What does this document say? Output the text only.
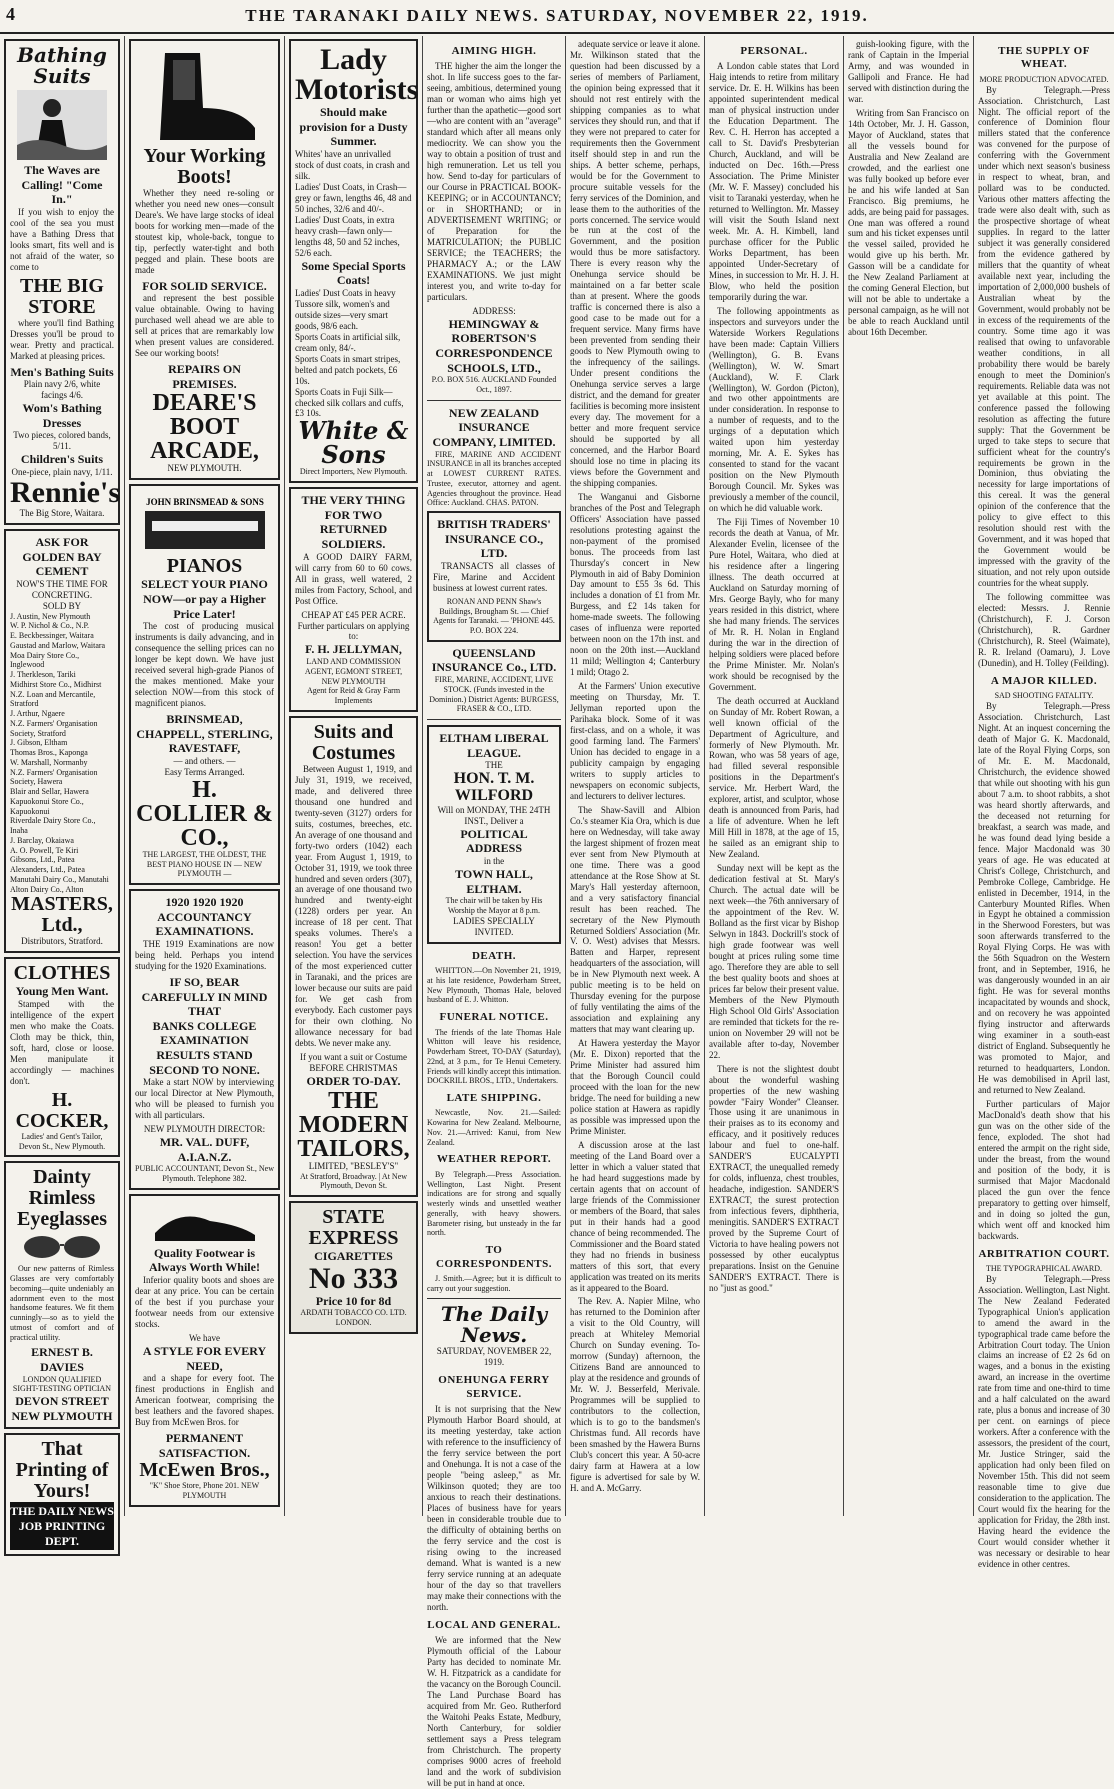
4	THE TARANAKI DAILY NEWS. SATURDAY, NOVEMBER 22, 1919.
Bathing Suits
The Waves are Calling! "Come In."

If you wish to enjoy the cool of the sea you must have a Bathing Dress that looks smart, fits well and is not afraid of the water, so come to

THE BIG STORE

where you'll find Bathing Dresses you'll be proud to wear. Pretty and practical. Marked at pleasing prices.

Men's Bathing Suits
Plain navy 2/6, white facings 4/6.
Wom's Bathing Dresses
Two pieces, colored bands, 5/11.
Children's Suits
One-piece, plain navy, 1/11.
Rennie's
The Big Store, Waitara.
ASK FOR
GOLDEN BAY CEMENT
NOW'S THE TIME FOR CONCRETING.
SOLD BY
J. Austin, New Plymouth
W. P. Nichol & Co., N.P.
E. Beckbessinger, Waitara
Gaustad and Marlow, Waitara
Moa Dairy Store Co., Inglewood
J. Therkleson, Tariki
Midhirst Store Co., Midhirst
N.Z. Loan and Mercantile, Stratford
J. Arthur, Ngaere
N.Z. Farmers' Organisation Society, Stratford
J. Gibson, Eltham
Thomas Bros., Kaponga
W. Marshall, Normanby
N.Z. Farmers' Organisation Society, Hawera
Blair and Sellar, Hawera
Kapuokonui Store Co., Kapuokonui
Riverdale Dairy Store Co., Inaha
J. Barclay, Okaiawa
A. O. Powell, Te Kiri
Gibsons, Ltd., Patea
Alexanders, Ltd., Patea
Manutahi Dairy Co., Manutahi
Alton Dairy Co., Alton
MASTERS, Ltd.,
Distributors, Stratford.
CLOTHES
Young Men Want.

Stamped with the intelligence of the expert men who make the Coats. Cloth may be thick, thin, soft, hard, close or loose. Men manipulate it accordingly — machines don't.

H. COCKER,
Ladies' and Gent's Tailor, Devon St., New Plymouth.
Dainty Rimless Eyeglasses

Our new patterns of Rimless Glasses are very comfortably becoming—quite undeniably an adornment even to the most handsome features. We fit them cunningly—so as to yield the utmost of comfort and of practical utility.

ERNEST B. DAVIES
LONDON QUALIFIED SIGHT-TESTING OPTICIAN
DEVON STREET NEW PLYMOUTH
That Printing of Yours!
THE DAILY NEWS JOB PRINTING DEPT.
Your Working Boots!

Whether they need re-soling or whether you need new ones—consult Deare's. We have large stocks of ideal boots for working men—made of the stoutest kip, whole-back, tongue to tip, perfectly water-tight and both pegged and plain. These boots are made

FOR SOLID SERVICE.

and represent the best possible value obtainable. Owing to having purchased well ahead we are able to sell at prices that are remarkably low when present values are considered. See our working boots!

REPAIRS ON PREMISES.
DEARE'S BOOT ARCADE,
NEW PLYMOUTH.
JOHN BRINSMEAD & SONS
PIANOS
SELECT YOUR PIANO NOW—or pay a Higher Price Later!

The cost of producing musical instruments is daily advancing, and in consequence the selling prices can no longer be kept down. We have just received several high-grade Pianos of the makes mentioned. Make your selection NOW—from this stock of magnificent pianos.

BRINSMEAD, CHAPPELL, STERLING, RAVESTAFF,
— and others. —
Easy Terms Arranged.
H. COLLIER & CO.,
THE LARGEST, THE OLDEST, THE BEST PIANO HOUSE IN — NEW PLYMOUTH —
1920 1920 1920
ACCOUNTANCY EXAMINATIONS.

THE 1919 Examinations are now being held. Perhaps you intend studying for the 1920 Examinations.

IF SO, BEAR CAREFULLY IN MIND THAT
BANKS COLLEGE EXAMINATION RESULTS STAND SECOND TO NONE.

Make a start NOW by interviewing our local Director at New Plymouth, who will be pleased to furnish you with all particulars.

NEW PLYMOUTH DIRECTOR:
MR. VAL. DUFF, A.I.A.N.Z.
PUBLIC ACCOUNTANT, Devon St., New Plymouth. Telephone 382.
Quality Footwear is Always Worth While!

Inferior quality boots and shoes are dear at any price. You can be certain of the best if you purchase your footwear needs from our extensive stocks.

We have
A STYLE FOR EVERY NEED,

and a shape for every foot. The finest productions in English and American footwear, comprising the best leathers and the favored shapes. Buy from McEwen Bros. for

PERMANENT SATISFACTION.
McEwen Bros.,
"K" Shoe Store, Phone 201. NEW PLYMOUTH
Lady Motorists
Should make provision for a Dusty Summer.
Whites' have an unrivalled stock of dust coats, in crash and silk.
Ladies' Dust Coats, in Crash—grey or fawn, lengths 46, 48 and 50 inches, 32/6 and 40/-.
Ladies' Dust Coats, in extra heavy crash—fawn only—lengths 48, 50 and 52 inches, 52/6 each.
Some Special Sports Coats!
Ladies' Dust Coats in heavy Tussore silk, women's and outside sizes—very smart goods, 98/6 each.
Sports Coats in artificial silk, cream only, 84/-.
Sports Coats in smart stripes, belted and patch pockets, £6 10s.
Sports Coats in Fuji Silk—checked silk collars and cuffs, £3 10s.
White & Sons
Direct Importers, New Plymouth.
THE VERY THING FOR TWO RETURNED SOLDIERS.

A GOOD DAIRY FARM, will carry from 60 to 60 cows. All in grass, well watered, 2 miles from Factory, School, and Post Office.

CHEAP AT £45 PER ACRE.
Further particulars on applying to:
F. H. JELLYMAN,
LAND AND COMMISSION AGENT, EGMONT STREET, NEW PLYMOUTH
Agent for Reid & Gray Farm Implements
Suits and Costumes

Between August 1, 1919, and July 31, 1919, we received, made, and delivered three thousand one hundred and twenty-seven (3127) orders for suits, costumes, breeches, etc. An average of one thousand and forty-two orders (1042) each year. From August 1, 1919, to October 31, 1919, we took three hundred and seven orders (307), an average of one thousand two hundred and twenty-eight (1228) orders per year. An increase of 18 per cent. That speaks volumes. There's a reason! You get a better selection. You have the services of the most experienced cutter in Taranaki, and the prices are lower because our suits are paid for. We get cash from everybody. Each customer pays for their own clothing. No allowance necessary for bad debts. We never make any.

If you want a suit or Costume BEFORE CHRISTMAS
ORDER TO-DAY.
THE MODERN TAILORS,
LIMITED, "BESLEY'S"
At Stratford, Broadway. | At New Plymouth, Devon St.
STATE EXPRESS
CIGARETTES
No 333
Price 10 for 8d
ARDATH TOBACCO CO. LTD. LONDON.
AIMING HIGH.

THE higher the aim the longer the shot. In life success goes to the far-seeing, ambitious, determined young man or woman who aims high yet further than the apathetic—good sort—who are content with an "average" standard which after all means only mediocrity. We can show you the way to obtain a position of trust and high remuneration. Let us tell you how. Send to-day for particulars of our Course in PRACTICAL BOOK-KEEPING; or in ACCOUNTANCY; or in SHORTHAND; or in ADVERTISEMENT WRITING; or of Preparation for the MATRICULATION; the PUBLIC SERVICE; the TEACHERS; the PHARMACY A.; or the LAW EXAMINATIONS. We just might interest you, and write to-day for particulars.

ADDRESS:
HEMINGWAY & ROBERTSON'S CORRESPONDENCE SCHOOLS, LTD.,
P.O. BOX 516. AUCKLAND Founded Oct., 1897.
NEW ZEALAND INSURANCE COMPANY, LIMITED.

FIRE, MARINE AND ACCIDENT INSURANCE in all its branches accepted at LOWEST CURRENT RATES. Trustee, executor, attorney and agent. Agencies throughout the province. Head Office: Auckland. CHAS. PATON.

BRITISH TRADERS' INSURANCE CO., LTD.

TRANSACTS all classes of Fire, Marine and Accident business at lowest current rates.

RONAN AND PENN Shaw's Buildings, Brougham St. — Chief Agents for Taranaki. — 'PHONE 445. P.O. BOX 224.
QUEENSLAND INSURANCE Co., LTD.
FIRE, MARINE, ACCIDENT, LIVE STOCK. (Funds invested in the Dominion.) District Agents: BURGESS, FRASER & CO., LTD.
ELTHAM LIBERAL LEAGUE.
THE
HON. T. M. WILFORD
Will on MONDAY, THE 24TH INST., Deliver a
POLITICAL ADDRESS
in the
TOWN HALL, ELTHAM.
The chair will be taken by His Worship the Mayor at 8 p.m.
LADIES SPECIALLY INVITED.
DEATH.

WHITTON.—On November 21, 1919, at his late residence, Powderham Street, New Plymouth, Thomas Hale, beloved husband of E. J. Whitton.

FUNERAL NOTICE.

The friends of the late Thomas Hale Whitton will leave his residence, Powderham Street, TO-DAY (Saturday), 22nd, at 3 p.m., for Te Henui Cemetery. Friends will kindly accept this intimation. DOCKRILL BROS., LTD., Undertakers.

LATE SHIPPING.

Newcastle, Nov. 21.—Sailed: Kowarina for New Zealand. Melbourne, Nov. 21.—Arrived: Kanui, from New Zealand.

WEATHER REPORT.

By Telegraph.—Press Association. Wellington, Last Night. Present indications are for strong and squally westerly winds and unsettled weather generally, with heavy showers. Barometer rising, but unsteady in the far north.

TO CORRESPONDENTS.

J. Smith.—Agree; but it is difficult to carry out your suggestion.

The Daily News.
SATURDAY, NOVEMBER 22, 1919.
ONEHUNGA FERRY SERVICE.

It is not surprising that the New Plymouth Harbor Board should, at its meeting yesterday, take action with reference to the insufficiency of the ferry service between the port and Onehunga. It is not a case of the people "being asleep," as Mr. Wilkinson quoted; they are too anxious to reach their destinations. Places of business have for years been in considerable trouble due to the difficulty of obtaining berths on the ferry service and the cost is rising owing to the increased demand. What is wanted is a new ferry service running at an adequate hour of the day so that travellers may make their connections with the north.

LOCAL AND GENERAL.

We are informed that the New Plymouth official of the Labour Party has decided to nominate Mr. W. H. Fitzpatrick as a candidate for the vacancy on the Borough Council. The Land Purchase Board has acquired from Mr. Geo. Rutherford the Waitohi Peaks Estate, Medbury, North Canterbury, for soldier settlement says a Press telegram from Christchurch. The property comprises 9000 acres of freehold land and the work of subdivision will be put in hand at once.

adequate service or leave it alone. Mr. Wilkinson stated that the question had been discussed by a series of members of Parliament, the opinion being expressed that it should not rest entirely with the shipping companies as to what services they should run, and that if they were not prepared to cater for requirements then the Government itself should step in and run the ships. A better scheme, perhaps, would be for the Government to procure suitable vessels for the ferry services of the Dominion, and lease them to the authorities of the ports concerned. The service would be run at the cost of the Government, and the position would thus be more satisfactory. There is every reason why the Onehunga service should be maintained on a far better scale than at present. Where the goods traffic is concerned there is also a good case to be made out for a frequent service. Many firms have been prevented from sending their goods to New Plymouth owing to the infrequency of the sailings. Under present conditions the Onehunga service serves a large district, and the demand for greater facilities is becoming more insistent every day. The movement for a better and more frequent service should be supported by all concerned, and the Harbor Board should lose no time in placing its views before the Government and the shipping companies.

The Wanganui and Gisborne branches of the Post and Telegraph Officers' Association have passed resolutions protesting against the non-payment of the promised bonus. The proceeds from last Thursday's concert in New Plymouth in aid of Baby Dominion Day amount to £55 3s 6d. This includes a donation of £1 from Mr. Burgess, and £2 14s taken for home-made sweets. The following cases of influenza were reported between noon on the 17th inst. and noon on the 20th inst.—Auckland 11 mild; Wellington 4; Canterbury 1 mild; Otago 2.

At the Farmers' Union executive meeting on Thursday, Mr. T. Jellyman reported upon the Parihaka block. Some of it was first-class, and on a whole, it was good farming land. The Farmers' Union has decided to engage in a publicity campaign by engaging writers to supply articles to newspapers on economic subjects, and lecturers to deliver lectures.

The Shaw-Savill and Albion Co.'s steamer Kia Ora, which is due here on Wednesday, will take away the largest shipment of frozen meat ever sent from New Plymouth at one time. There was a good attendance at the Rose Show at St. Mary's Hall yesterday afternoon, and a very satisfactory financial result has been reached. The secretary of the New Plymouth Returned Soldiers' Association (Mr. V. O. West) advises that Messrs. Batten and Harper, represent headquarters of the association, will be in New Plymouth next week. A public meeting is to be held on Thursday evening for the purpose of fully ventilating the aims of the association and explaining any matters that may want clearing up.

At Hawera yesterday the Mayor (Mr. E. Dixon) reported that the Prime Minister had assured him that the Borough Council could proceed with the loan for the new bridge. The need for building a new police station at Hawera as rapidly as possible was impressed upon the Prime Minister.

A discussion arose at the last meeting of the Land Board over a letter in which a valuer stated that he had heard suggestions made by certain agents that on account of large friends of the Commissioner or members of the Board, that sales put in their hands had a good chance of being recommended. The Commissioner and the Board stated they had no friends in business matters of this sort, that every application was treated on its merits as it appeared to the Board.

The Rev. A. Napier Milne, who has returned to the Dominion after a visit to the Old Country, will preach at Whiteley Memorial Church on Sunday evening. To-morrow (Sunday) afternoon, the Citizens Band are announced to play at the residence and grounds of Mr. W. J. Besserfeld, Merivale. Programmes will be supplied to contributors to the collection, which is to go to the bandsmen's Christmas fund. All records have been smashed by the Hawera Burns Club's concert this year. A 50-acre dairy farm at Hawera at a low figure is advertised for sale by W. H. and A. McGarry.

PERSONAL.

A London cable states that Lord Haig intends to retire from military service. Dr. E. H. Wilkins has been appointed superintendent medical man of physical instruction under the Education Department. The Rev. C. H. Herron has accepted a call to St. David's Presbyterian Church, Auckland, and will be inducted on Dec. 16th.—Press Association. The Prime Minister (Mr. W. F. Massey) concluded his visit to Taranaki yesterday, when he returned to Wellington. Mr. Massey will visit the South Island next week. Mr. A. H. Kimbell, land purchase officer for the Public Works Department, has been appointed Under-Secretary of Mines, in succession to Mr. H. J. H. Blow, who held the position temporarily during the war.

The following appointments as inspectors and surveyors under the Waterside Workers Regulations have been made: Captain Villiers (Wellington), G. B. Evans (Wellington), W. W. Smart (Auckland), W. F. Clark (Wellington), W. Gordon (Picton), and two other appointments are under consideration. In response to a number of requests, and to the urgings of a deputation which waited upon him yesterday morning, Mr. A. E. Sykes has consented to stand for the vacant position on the New Plymouth Borough Council. Mr. Sykes was previously a member of the council, on which he did valuable work.

The Fiji Times of November 10 records the death at Vanua, of Mr. Alexander Evelin, licensee of the Pure Hotel, Waitara, who died at his residence after a lingering illness. The death occurred at Auckland on Saturday morning of Mrs. George Bayly, who for many years resided in this district, where she had many friends. The services of Mr. R. H. Nolan in England during the war in the direction of helping soldiers were placed before the Prime Minister. Mr. Nolan's work should be recognised by the Government.

The death occurred at Auckland on Sunday of Mr. Robert Rowan, a well known official of the Department of Agriculture, and formerly of New Plymouth. Mr. Rowan, who was 58 years of age, had filled several responsible positions in the Department's service. Mr. Herbert Ward, the explorer, artist, and sculptor, whose death is announced from Paris, had a life of adventure. When he left Mill Hill in 1878, at the age of 15, he sailed as an emigrant ship to New Zealand.

Sunday next will be kept as the dedication festival at St. Mary's Church. The actual date will be next week—the 76th anniversary of the appointment of the Rev. W. Bolland as the first vicar by Bishop Selwyn in 1843. Dockrill's stock of high grade footwear was well bought at prices ruling some time ago. Therefore they are able to sell the best quality boots and shoes at prices far below their present value. Members of the New Plymouth High School Old Girls' Association are reminded that tickets for the re-union on November 29 will not be available after to-day, November 22.

There is not the slightest doubt about the wonderful washing properties of the new washing powder "Fairy Wonder" Cleanser. Those using it are unanimous in their praises as to its economy and efficacy, and it positively reduces labour and fuel to one-half. SANDER'S EUCALYPTI EXTRACT, the unequalled remedy for colds, influenza, chest troubles, headache, indigestion. SANDER'S EXTRACT, the surest protection from infectious fevers, diphtheria, meningitis. SANDER'S EXTRACT proved by the Supreme Court of Victoria to have healing powers not possessed by other eucalyptus preparations. Insist on the Genuine SANDER'S EXTRACT. There is no "just as good."

guish-looking figure, with the rank of Captain in the Imperial Army, and was wounded in Gallipoli and France. He had served with distinction during the war.

Writing from San Francisco on 14th October, Mr. J. H. Gasson, Mayor of Auckland, states that all the vessels bound for Australia and New Zealand are crowded, and the earliest one was fully booked up before ever he and his wife landed at San Francisco. Big premiums, he adds, are being paid for passages. One man was offered a round sum and his ticket expenses until the vessel sailed, provided he would give up his berth. Mr. Gasson will be a candidate for the New Zealand Parliament at the coming General Election, but will not be able to undertake a personal campaign, as he will not be able to reach Auckland until about 16th December.

THE SUPPLY OF WHEAT.
MORE PRODUCTION ADVOCATED.

By Telegraph.—Press Association. Christchurch, Last Night. The official report of the conference of Dominion flour millers stated that the conference was convened for the purpose of conferring with the Government under which next season's business in respect to wheat, bran, and pollard was to be conducted. Various other matters affecting the trade were also dealt with, such as the prospective shortage of wheat supplies. In regard to the latter subject it was generally considered from the evidence gathered by millers that the quantity of wheat available next year, including the importation of 2,000,000 bushels of Australian wheat by the Government, would probably not be in excess of the requirements of the country. Some time ago it was realised that owing to unfavorable weather conditions, in all probability there would be barely enough to meet the Dominion's requirements. Reliable data was not yet available at this point. The conference passed the following resolution as affecting the future supply: That the Government be urged to take steps to secure that sufficient wheat for the country's requirements be grown in the Dominion, thus obviating the necessity for large importations of this cereal. It was the general opinion of the conference that the policy to give effect to this resolution should rest with the Government, and it was hoped that the Government would be impressed with the gravity of the situation, and not rely upon outside countries for the wheat supply.

The following committee was elected: Messrs. J. Rennie (Christchurch), F. J. Corson (Christchurch), R. Gardner (Christchurch), R. Steel (Waimate), R. R. Ireland (Oamaru), J. Love (Dunedin), and H. Tolley (Feilding).

A MAJOR KILLED.
SAD SHOOTING FATALITY.

By Telegraph.—Press Association. Christchurch, Last Night. At an inquest concerning the death of Major G. K. Macdonald, late of the Royal Flying Corps, son of Mr. E. M. Macdonald, Christchurch, the evidence showed that while out shooting with his gun about 7 a.m. to shoot rabbits, a shot was heard shortly afterwards, and the deceased not returning for breakfast, a search was made, and he was found dead lying beside a fence. Major Macdonald was 30 years of age. He was educated at Christ's College, Christchurch, and Pembroke College, Cambridge. He enlisted in December, 1914, in the Canterbury Mounted Rifles. When in Egypt he obtained a commission in the Sherwood Foresters, but was soon afterwards transferred to the Royal Flying Corps. He was with the 56th Squadron on the Western front, and in September, 1916, he was dangerously wounded in an air fight. He was for several months incapacitated by wounds and shock, and on recovery he was appointed flying instructor and afterwards wing examiner in a south-east district of England. Subsequently he was promoted to Major, and returned to headquarters, London. He was demobilised in April last, and returned to New Zealand.

Further particulars of Major MacDonald's death show that his gun was on the other side of the fence, exploded. The shot had entered the armpit on the right side, under the breast, from the wound and position of the body, it is surmised that Major Macdonald placed the gun over the fence preparatory to getting over himself, and in doing so jolted the gun, which went off and knocked him backwards.

ARBITRATION COURT.
THE TYPOGRAPHICAL AWARD.

By Telegraph.—Press Association. Wellington, Last Night. The New Zealand Federated Typographical Union's application to amend the award in the typographical trade came before the Arbitration Court today. The Union claims an increase of £2 2s 6d on wages, and a bonus in the existing award, an increase in the overtime rate from time and one-third to time and a half calculated on the award rate, plus a bonus and increase of 30 per cent. on earnings of piece workers. After a conference with the assessors, the president of the court, Mr. Justice Stringer, said the application had only been filed on November 15th. This did not seem reasonable time to give due consideration to the application. The Court would fix the hearing for the application for Friday, the 28th inst. Having heard the evidence the Court would consider whether it was necessary or desirable to hear evidence in other centres.
